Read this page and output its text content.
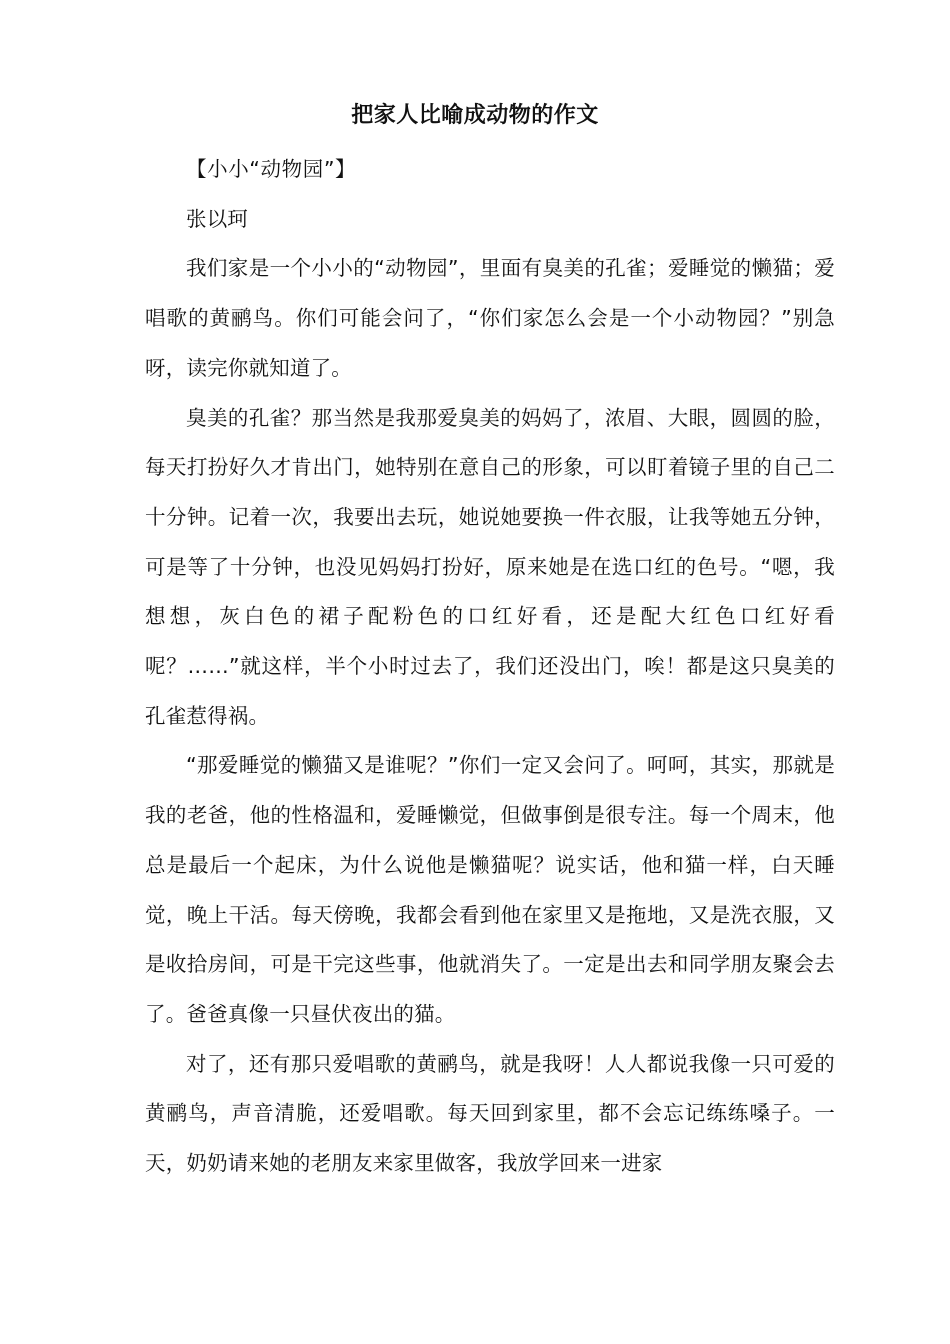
把家人比喻成动物的作文

【小小“动物园”】

张以珂

我们家是一个小小的“动物园”，里面有臭美的孔雀；爱睡觉的懒猫；爱唱歌的黄鹂鸟。你们可能会问了，“你们家怎么会是一个小动物园？”别急呀，读完你就知道了。

臭美的孔雀？那当然是我那爱臭美的妈妈了，浓眉、大眼，圆圆的脸，每天打扮好久才肯出门，她特别在意自己的形象，可以盯着镜子里的自己二十分钟。记着一次，我要出去玩，她说她要换一件衣服，让我等她五分钟，可是等了十分钟，也没见妈妈打扮好，原来她是在选口红的色号。“嗯，我想想，灰白色的裙子配粉色的口红好看，还是配大红色口红好看呢？……”就这样，半个小时过去了，我们还没出门，唉！都是这只臭美的孔雀惹得祸。

“那爱睡觉的懒猫又是谁呢？”你们一定又会问了。呵呵，其实，那就是我的老爸，他的性格温和，爱睡懒觉，但做事倒是很专注。每一个周末，他总是最后一个起床，为什么说他是懒猫呢？说实话，他和猫一样，白天睡觉，晚上干活。每天傍晚，我都会看到他在家里又是拖地，又是洗衣服，又是收拾房间，可是干完这些事，他就消失了。一定是出去和同学朋友聚会去了。爸爸真像一只昼伏夜出的猫。

对了，还有那只爱唱歌的黄鹂鸟，就是我呀！人人都说我像一只可爱的黄鹂鸟，声音清脆，还爱唱歌。每天回到家里，都不会忘记练练嗓子。一天，奶奶请来她的老朋友来家里做客，我放学回来一进家
